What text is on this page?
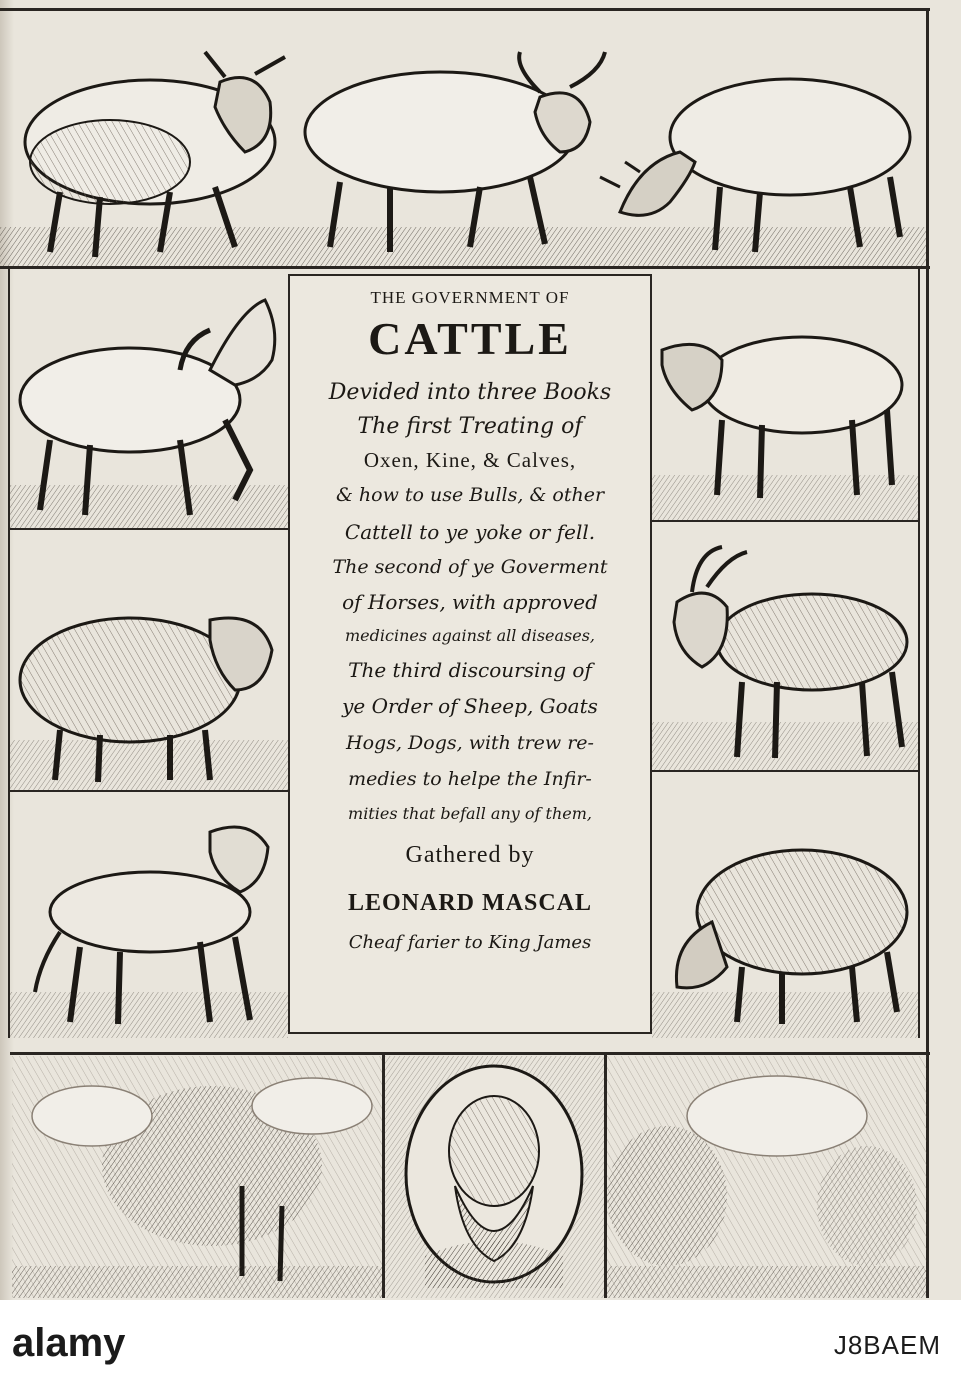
THE GOVERNMENT OF
CATTLE
Devided into three Books
The first Treating of
Oxen, Kine, & Calves,
& how to use Bulls, & other
Cattell to ye yoke or fell.
The second of ye Goverment
of Horses, with approved
medicines against all diseases,
The third discoursing of
ye Order of Sheep, Goats
Hogs, Dogs, with trew re-
medies to helpe the Infir-
mities that befall any of them,
Gathered by
LEONARD MASCAL
Cheaf farier to King James
alamy	J8BAEM
